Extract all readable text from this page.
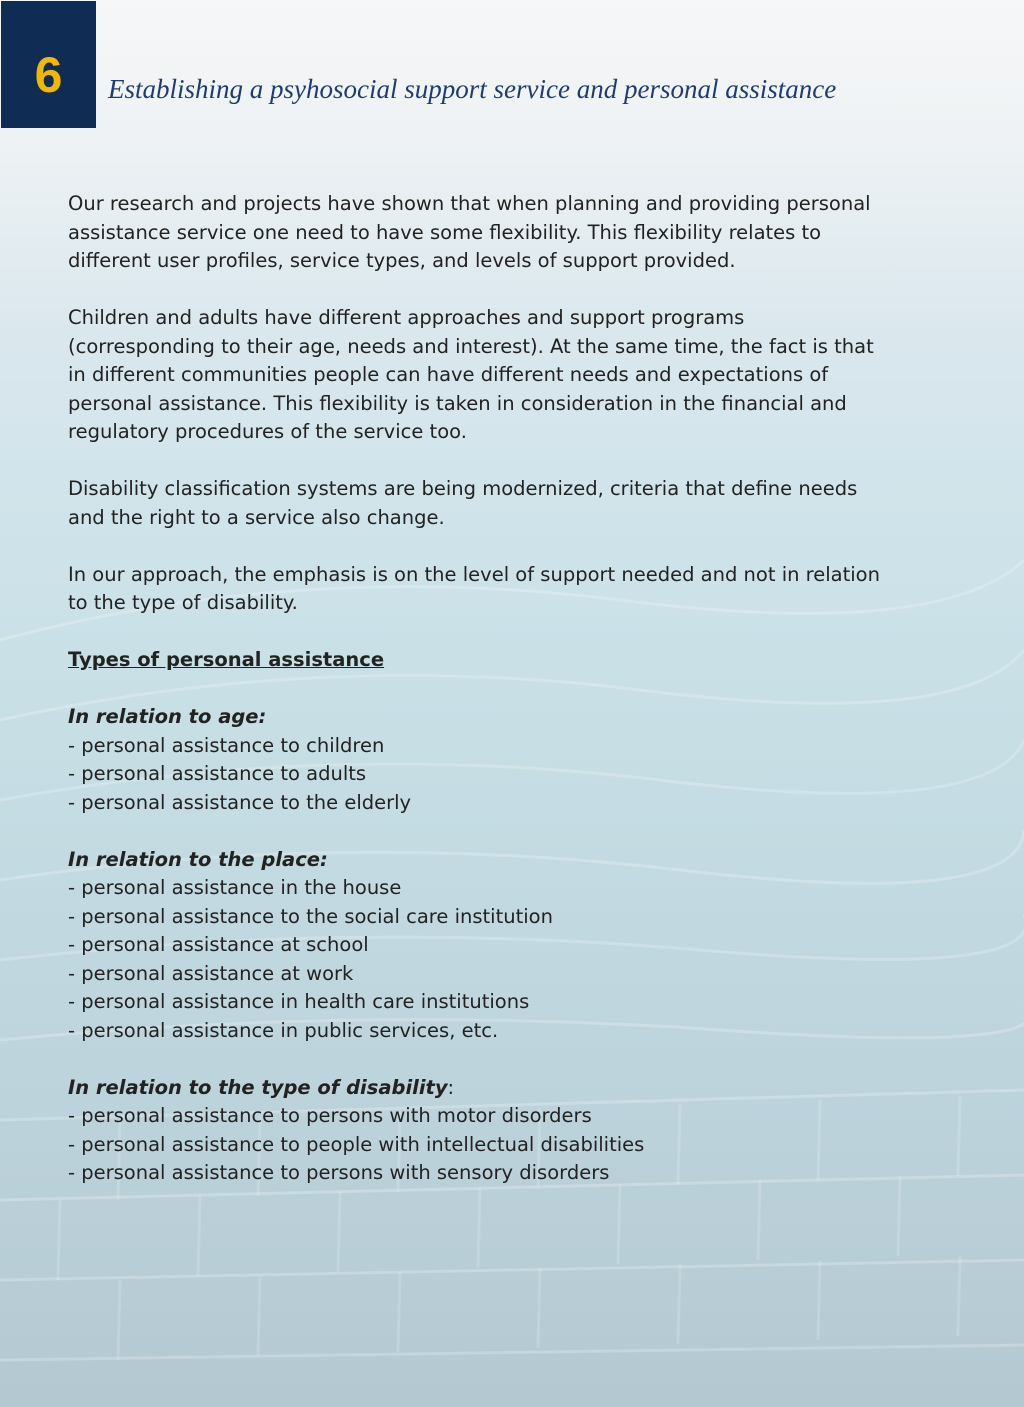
6 Establishing a psyhosocial support service and personal assistance

Our research and projects have shown that when planning and providing personal assistance service one need to have some flexibility. This flexibility relates to different user profiles, service types, and levels of support provided.

Children and adults have different approaches and support programs (corresponding to their age, needs and interest). At the same time, the fact is that in different communities people can have different needs and expectations of personal assistance. This flexibility is taken in consideration in the financial and regulatory procedures of the service too.

Disability classification systems are being modernized, criteria that define needs and the right to a service also change.

In our approach, the emphasis is on the level of support needed and not in relation to the type of disability.

Types of personal assistance
In relation to age:
- personal assistance to children
- personal assistance to adults
- personal assistance to the elderly
In relation to the place:
- personal assistance in the house
- personal assistance to the social care institution
- personal assistance at school
- personal assistance at work
- personal assistance in health care institutions
- personal assistance in public services, etc.
In relation to the type of disability:
- personal assistance to persons with motor disorders
- personal assistance to people with intellectual disabilities
- personal assistance to persons with sensory disorders
